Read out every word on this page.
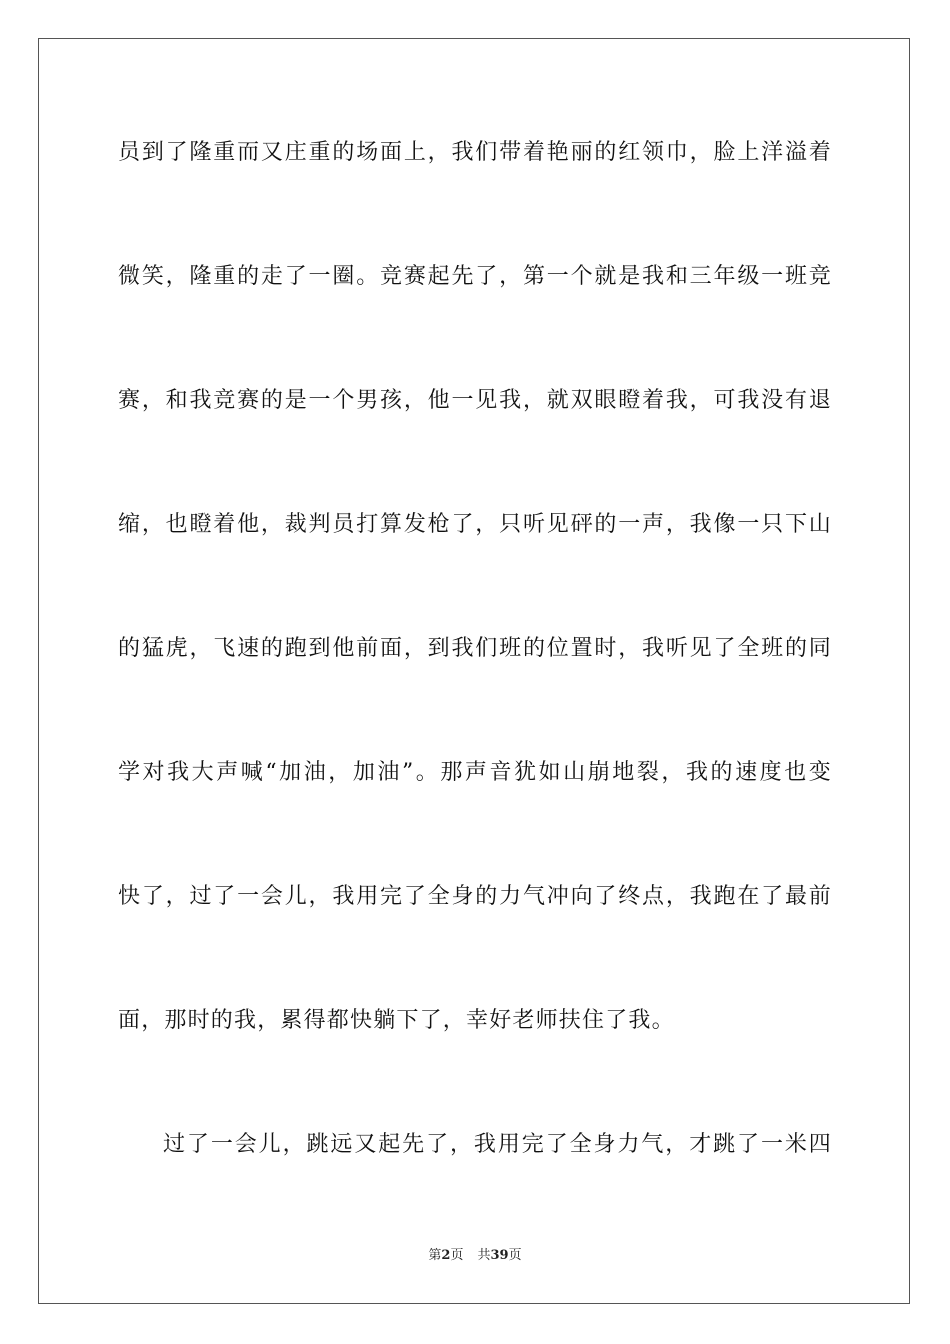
员到了隆重而又庄重的场面上，我们带着艳丽的红领巾，脸上洋溢着
微笑，隆重的走了一圈。竞赛起先了，第一个就是我和三年级一班竞
赛，和我竞赛的是一个男孩，他一见我，就双眼瞪着我，可我没有退
缩，也瞪着他，裁判员打算发枪了，只听见砰的一声，我像一只下山
的猛虎，飞速的跑到他前面，到我们班的位置时，我听见了全班的同
学对我大声喊“加油，加油”。那声音犹如山崩地裂，我的速度也变
快了，过了一会儿，我用完了全身的力气冲向了终点，我跑在了最前
面，那时的我，累得都快躺下了，幸好老师扶住了我。
过了一会儿，跳远又起先了，我用完了全身力气，才跳了一米四
第2页 共39页
